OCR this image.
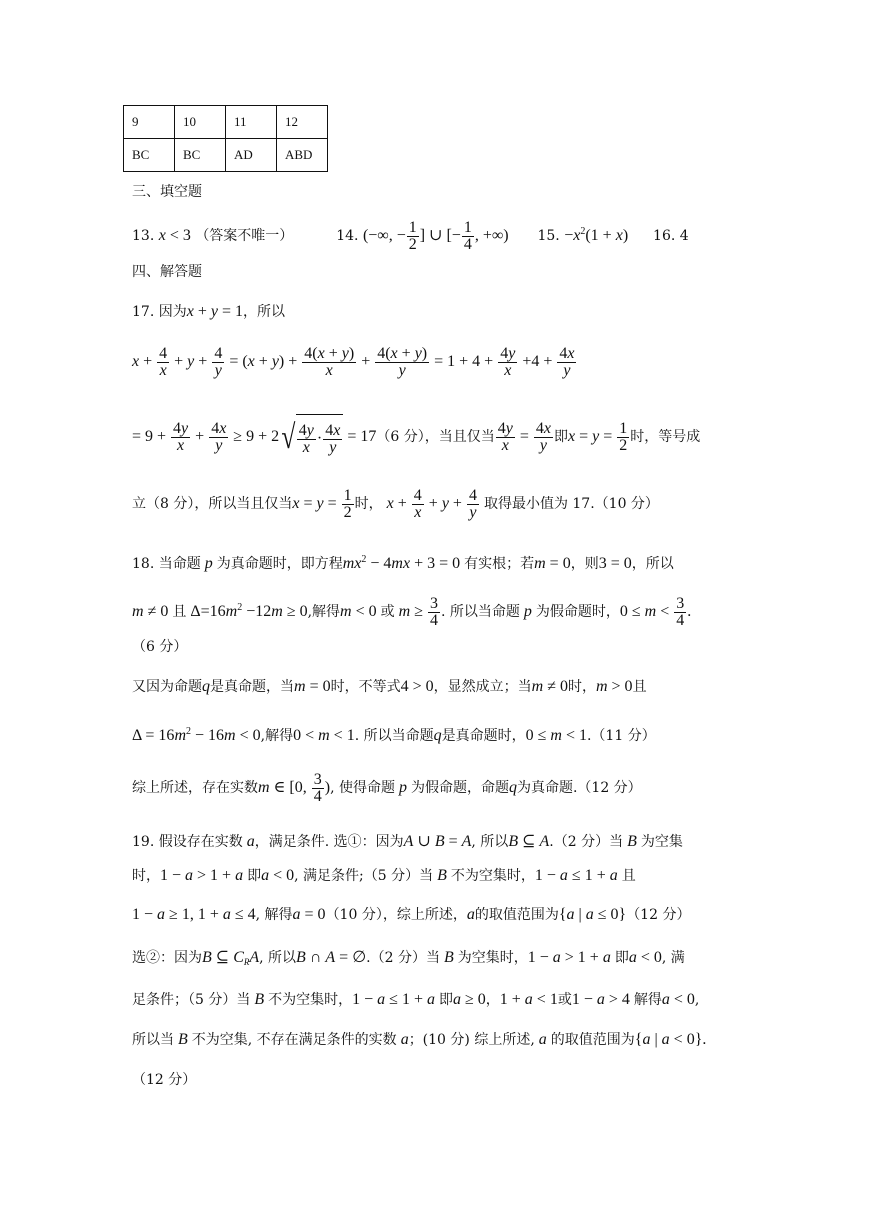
9	10	11	12
BC	BC	AD	ABD
三、填空题
13. x < 3 （答案不唯一）	14. (−∞, − $\frac{1}{2}$ ] ∪ [− $\frac{1}{4}$ , +∞) 15. $-x^2(1 + x)$ 16. 4
四、解答题
17. 因为x + y = 1，所以
$x + \frac{4}{x} + y + \frac{4}{y} = (x + y) + \frac{4(x + y)}{x} + \frac{4(x + y)}{y} = 1 + 4 + \frac{4y}{x} +4 + \frac{4x}{y}$
= $9 + \frac{4y}{x} + \frac{4x}{y} \ge 9 + 2$ √ 4y
x · 4x
y
= 17（6 分），当且仅当 $\frac{4y}{x} = \frac{4x}{y}$ 即$x = y = \frac{1}{2}$ 时，等号成
立（8 分），所以当且仅当$x = y = \frac{1}{2}$ 时， $x + \frac{4}{x} + y + \frac{4}{y}$ 取得最小值为 17.（10 分）
18. 当命题 p 为真命题时，即方程$mx^2 - 4mx + 3 = 0$ 有实根；若m = 0，则3 = 0，所以
m ≠ 0 且 $\Delta=16m^2 -12m \ge 0$,解得m < 0 或 $m \ge \frac{3}{4}$ . 所以当命题 p 为假命题时，$0 \le m < \frac{3}{4}$ .
（6 分）
又因为命题q是真命题，当m = 0时，不等式4 > 0，显然成立；当m ≠ 0时，m > 0且
$\Delta = 16m^2 - 16m < 0$,解得0 < m < 1. 所以当命题q是真命题时，0 ≤ m < 1.（11 分）
综上所述，存在实数m ∈ [0, $\frac{3}{4}$ ), 使得命题 p 为假命题，命题q为真命题.（12 分）
19. 假设存在实数 a，满足条件. 选①：因为A ∪ B = A, 所以B ⊆ A.（2 分）当 B 为空集
时，1 − a > 1 + a 即a < 0, 满足条件;（5 分）当 B 不为空集时，1 − a ≤ 1 + a 且
1 − a ≥ 1, 1 + a ≤ 4, 解得a = 0（10 分），综上所述，a的取值范围为{a | a ≤ 0}（12 分）
选②：因为B ⊆ $C_RA$, 所以B ∩ A = ∅.（2 分）当 B 为空集时，1 − a > 1 + a 即a < 0, 满
足条件；（5 分）当 B 不为空集时，1 − a ≤ 1 + a 即a ≥ 0，1 + a < 1或1 − a > 4 解得a < 0,
所以当 B 不为空集, 不存在满足条件的实数 a；(10 分) 综上所述, a 的取值范围为{a | a < 0}.
（12 分）
